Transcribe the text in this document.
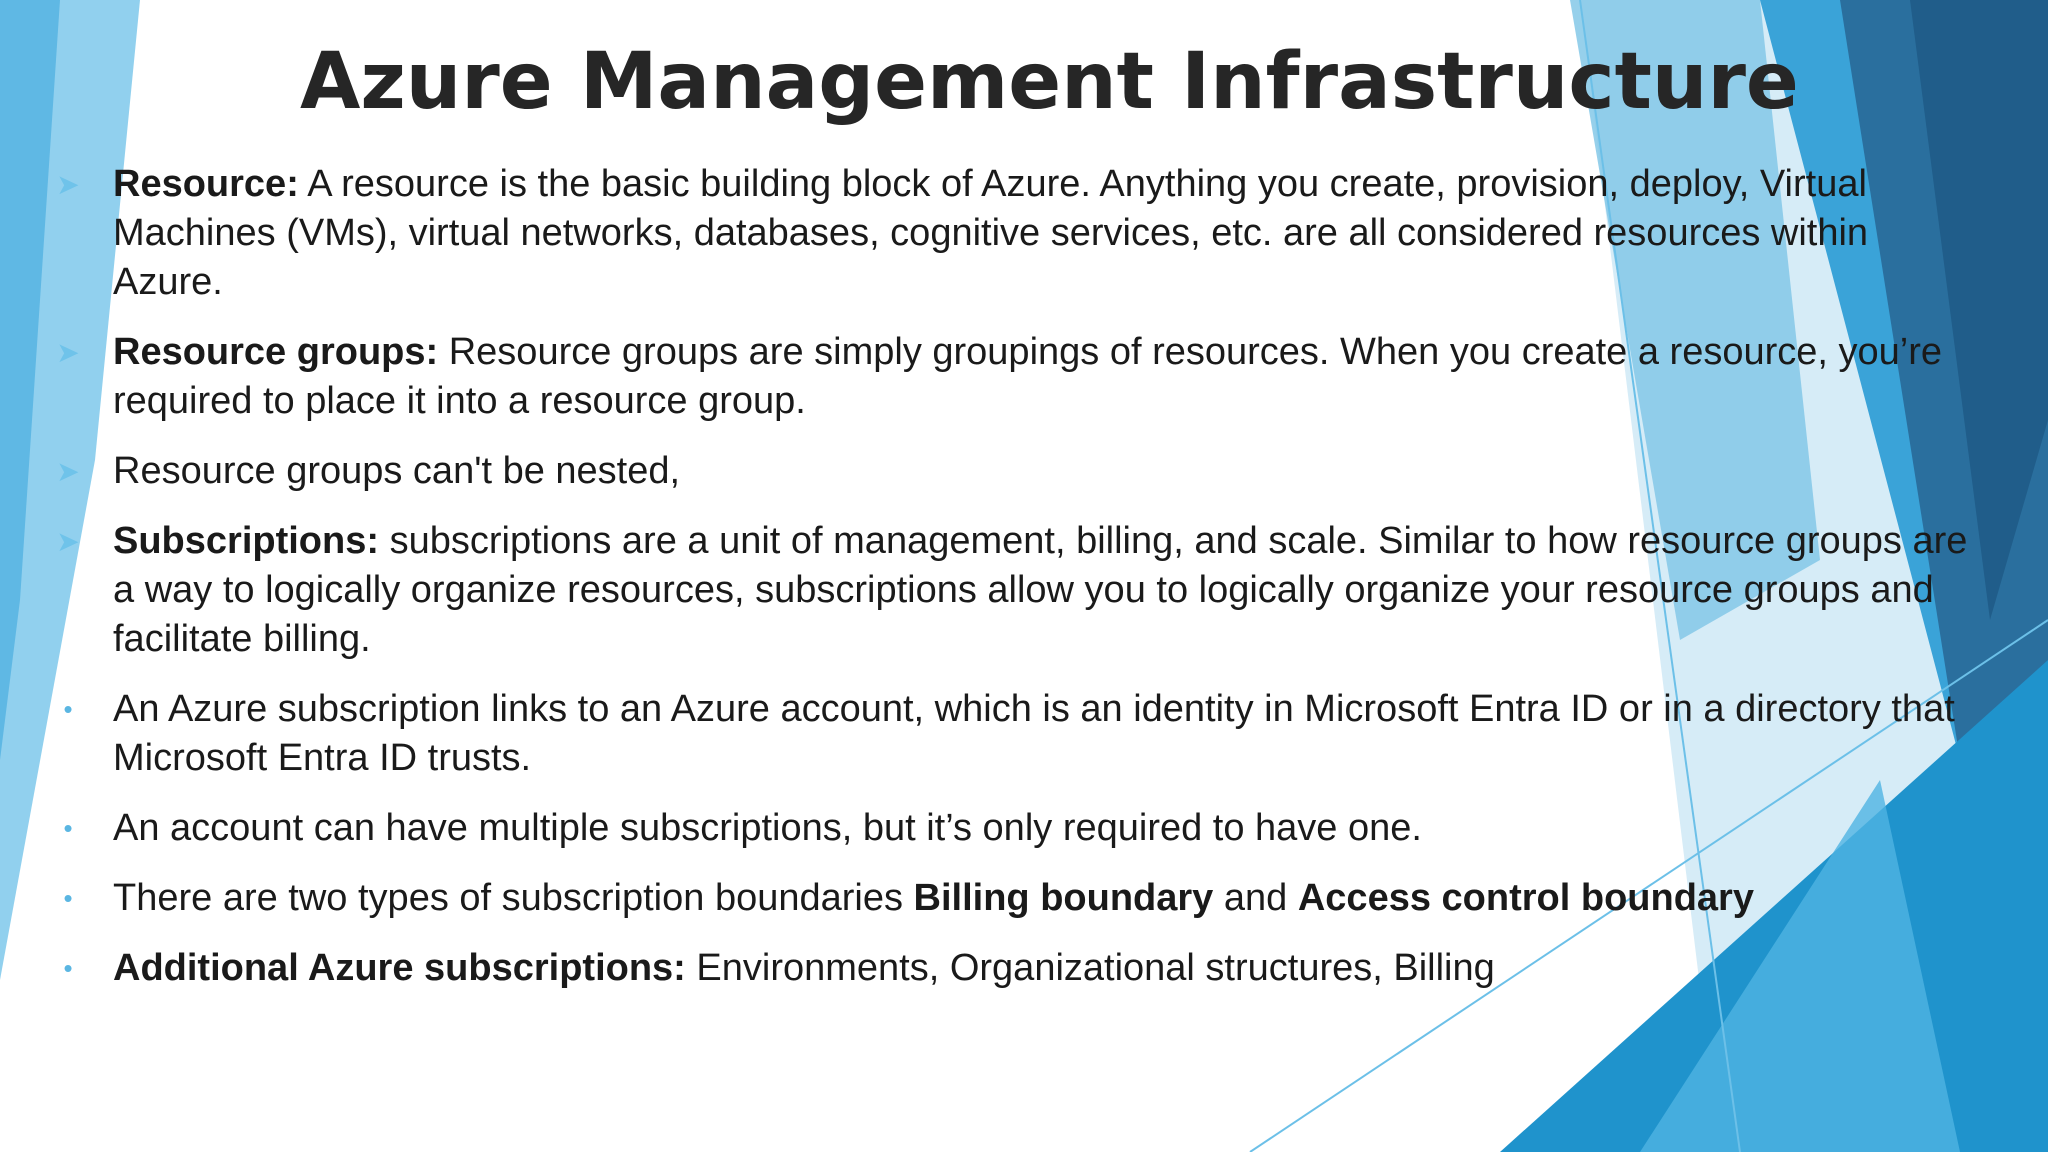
Azure Management Infrastructure
➤ Resource: A resource is the basic building block of Azure. Anything you create, provision, deploy, Virtual Machines (VMs), virtual networks, databases, cognitive services, etc. are all considered resources within Azure.
➤ Resource groups: Resource groups are simply groupings of resources. When you create a resource, you’re required to place it into a resource group.
➤ Resource groups can't be nested,
➤ Subscriptions: subscriptions are a unit of management, billing, and scale. Similar to how resource groups are a way to logically organize resources, subscriptions allow you to logically organize your resource groups and facilitate billing.
• An Azure subscription links to an Azure account, which is an identity in Microsoft Entra ID or in a directory that Microsoft Entra ID trusts.
• An account can have multiple subscriptions, but it’s only required to have one.
• There are two types of subscription boundaries Billing boundary and Access control boundary
• Additional Azure subscriptions: Environments, Organizational structures, Billing
